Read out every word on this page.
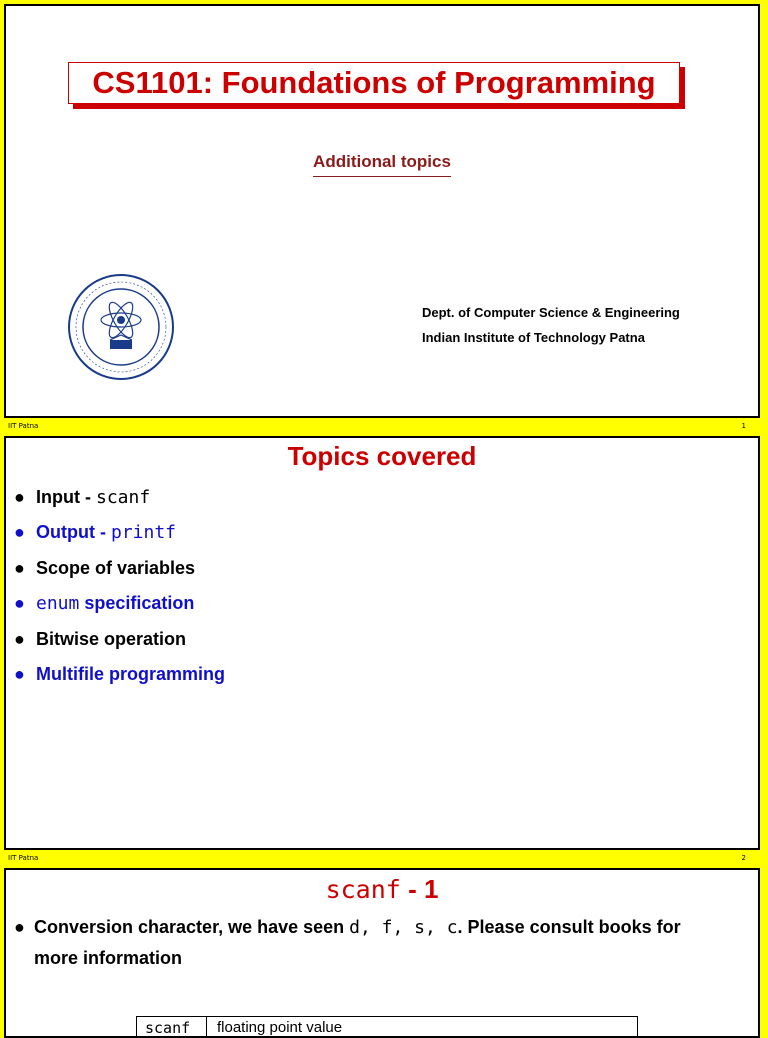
CS1101: Foundations of Programming
Additional topics
Dept. of Computer Science & Engineering
Indian Institute of Technology Patna
IIT Patna	1
Topics covered
● Input - scanf
● Output - printf
● Scope of variables
● enum specification
● Bitwise operation
● Multifile programming
IIT Patna	2
scanf - 1
● Conversion character, we have seen d, f, s, c. Please consult books for
more information
scanf	floating point value
